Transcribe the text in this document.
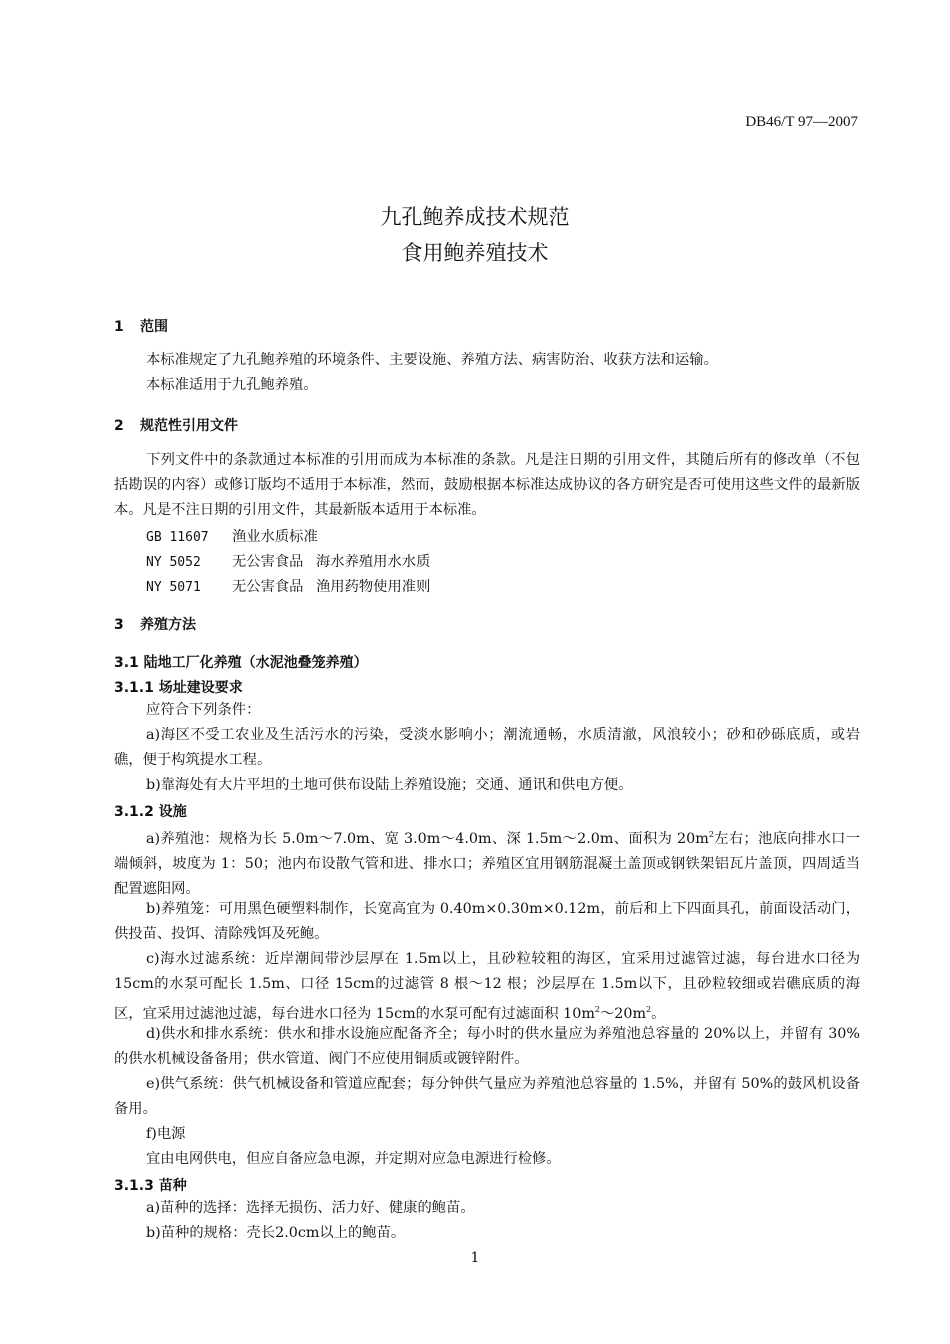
DB46/T 97—2007
九孔鲍养成技术规范
食用鲍养殖技术
1 范围
本标准规定了九孔鲍养殖的环境条件、主要设施、养殖方法、病害防治、收获方法和运输。
本标准适用于九孔鲍养殖。
2 规范性引用文件
下列文件中的条款通过本标准的引用而成为本标准的条款。凡是注日期的引用文件，其随后所有的修改单（不包括勘误的内容）或修订版均不适用于本标准，然而，鼓励根据本标准达成协议的各方研究是否可使用这些文件的最新版本。凡是不注日期的引用文件，其最新版本适用于本标准。
GB 11607 渔业水质标准
NY 5052 无公害食品 海水养殖用水水质
NY 5071 无公害食品 渔用药物使用准则
3 养殖方法
3.1 陆地工厂化养殖（水泥池叠笼养殖）
3.1.1 场址建设要求
应符合下列条件：
a)海区不受工农业及生活污水的污染，受淡水影响小；潮流通畅，水质清澈，风浪较小；砂和砂砾底质，或岩礁，便于构筑提水工程。
b)靠海处有大片平坦的土地可供布设陆上养殖设施；交通、通讯和供电方便。
3.1.2 设施
a)养殖池：规格为长 5.0m～7.0m、宽 3.0m～4.0m、深 1.5m～2.0m、面积为 $20m^2$左右；池底向排水口一端倾斜，坡度为 1：50；池内布设散气管和进、排水口；养殖区宜用钢筋混凝土盖顶或钢铁架铝瓦片盖顶，四周适当配置遮阳网。
b)养殖笼：可用黑色硬塑料制作，长宽高宜为 0.40m×0.30m×0.12m，前后和上下四面具孔，前面设活动门，供投苗、投饵、清除残饵及死鲍。
c)海水过滤系统：近岸潮间带沙层厚在 1.5m以上，且砂粒较粗的海区，宜采用过滤管过滤，每台进水口径为 15cm的水泵可配长 1.5m、口径 15cm的过滤管 8 根～12 根；沙层厚在 1.5m以下，且砂粒较细或岩礁底质的海区，宜采用过滤池过滤，每台进水口径为 15cm的水泵可配有过滤面积 $10m^2\sim 20m^2$。
d)供水和排水系统：供水和排水设施应配备齐全；每小时的供水量应为养殖池总容量的 20%以上，并留有 30%的供水机械设备备用；供水管道、阀门不应使用铜质或镀锌附件。
e)供气系统：供气机械设备和管道应配套；每分钟供气量应为养殖池总容量的 1.5%，并留有 50%的鼓风机设备备用。
f)电源
宜由电网供电，但应自备应急电源，并定期对应急电源进行检修。
3.1.3 苗种
a)苗种的选择：选择无损伤、活力好、健康的鲍苗。
b)苗种的规格：壳长2.0cm以上的鲍苗。
1
